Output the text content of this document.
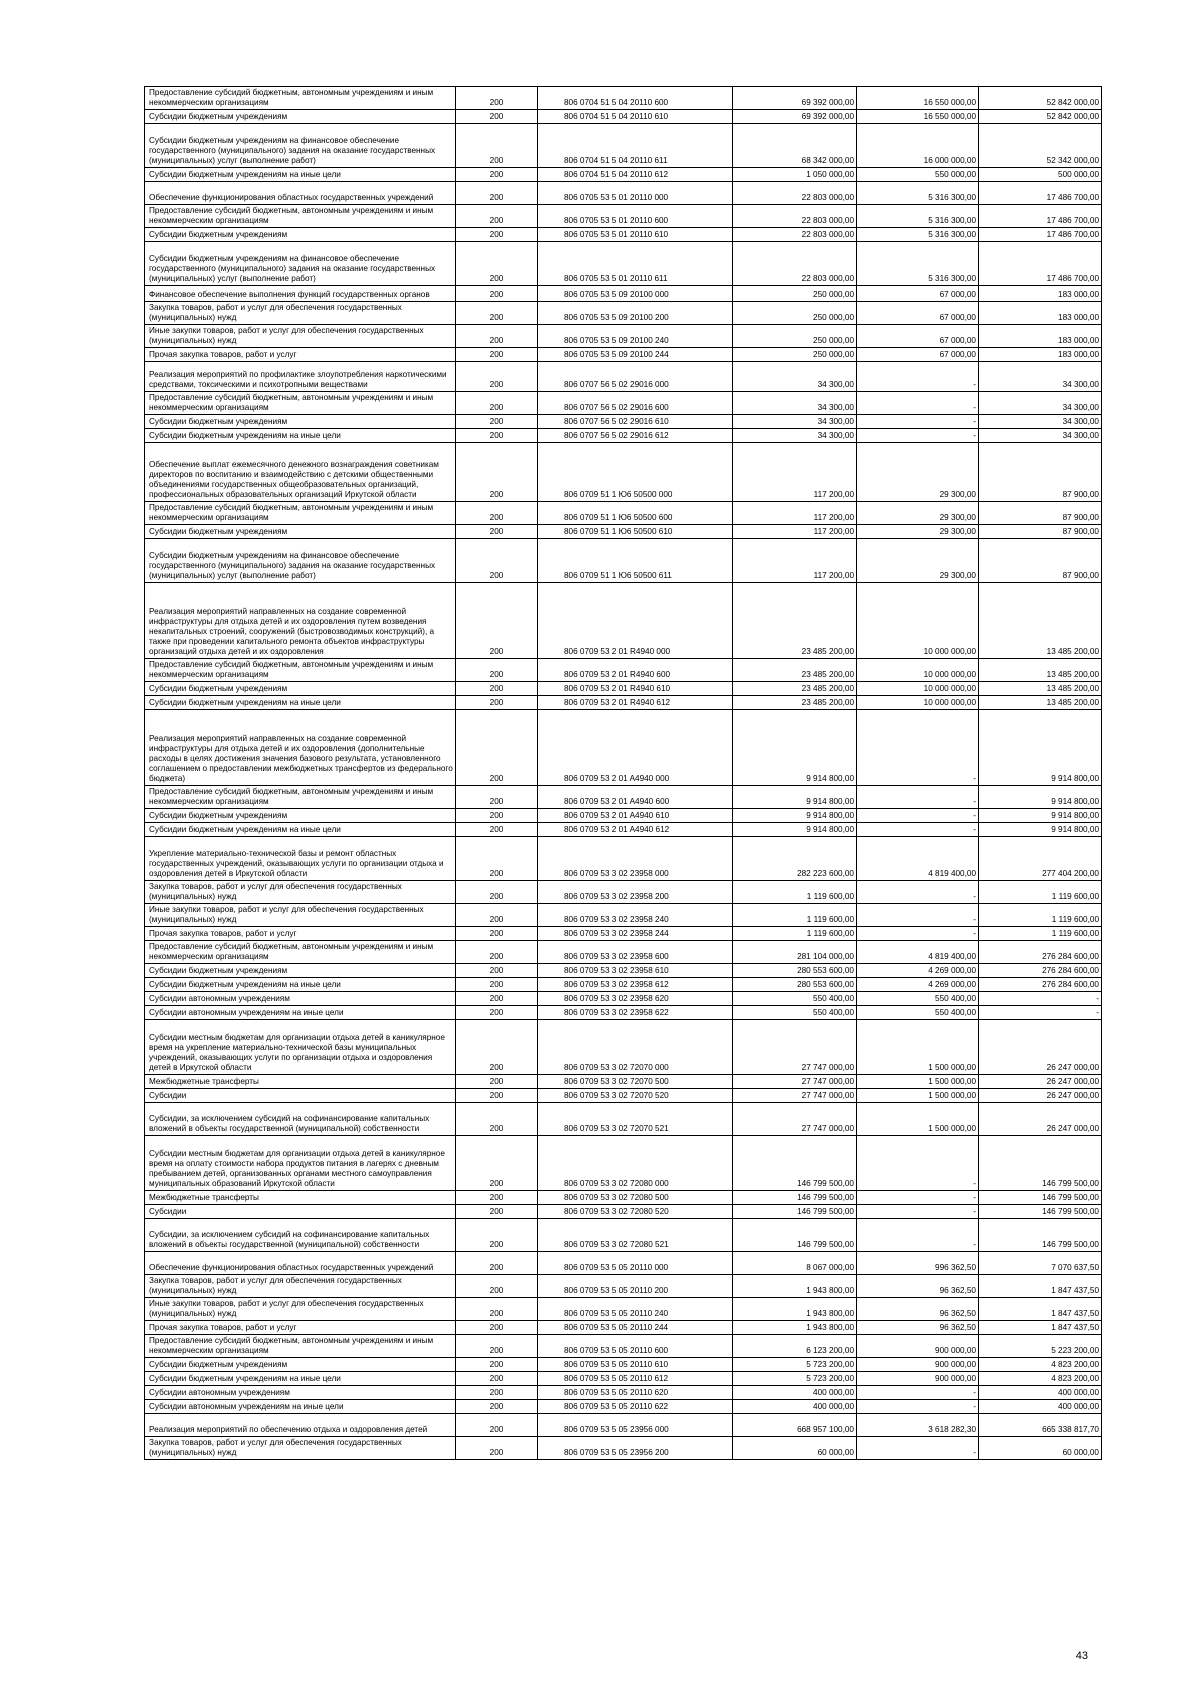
Предоставление субсидий бюджетным, автономным учреждениям и иным некоммерческим организациям	200	806 0704 51 5 04 20110 600	69 392 000,00	16 550 000,00	52 842 000,00
Субсидии бюджетным учреждениям	200	806 0704 51 5 04 20110 610	69 392 000,00	16 550 000,00	52 842 000,00
Субсидии бюджетным учреждениям на финансовое обеспечение государственного (муниципального) задания на оказание государственных (муниципальных) услуг (выполнение работ)	200	806 0704 51 5 04 20110 611	68 342 000,00	16 000 000,00	52 342 000,00
Субсидии бюджетным учреждениям на иные цели	200	806 0704 51 5 04 20110 612	1 050 000,00	550 000,00	500 000,00
Обеспечение функционирования областных государственных учреждений	200	806 0705 53 5 01 20110 000	22 803 000,00	5 316 300,00	17 486 700,00
Предоставление субсидий бюджетным, автономным учреждениям и иным некоммерческим организациям	200	806 0705 53 5 01 20110 600	22 803 000,00	5 316 300,00	17 486 700,00
Субсидии бюджетным учреждениям	200	806 0705 53 5 01 20110 610	22 803 000,00	5 316 300,00	17 486 700,00
Субсидии бюджетным учреждениям на финансовое обеспечение государственного (муниципального) задания на оказание государственных (муниципальных) услуг (выполнение работ)	200	806 0705 53 5 01 20110 611	22 803 000,00	5 316 300,00	17 486 700,00
Финансовое обеспечение выполнения функций государственных органов	200	806 0705 53 5 09 20100 000	250 000,00	67 000,00	183 000,00
Закупка товаров, работ и услуг для обеспечения государственных (муниципальных) нужд	200	806 0705 53 5 09 20100 200	250 000,00	67 000,00	183 000,00
Иные закупки товаров, работ и услуг для обеспечения государственных (муниципальных) нужд	200	806 0705 53 5 09 20100 240	250 000,00	67 000,00	183 000,00
Прочая закупка товаров, работ и услуг	200	806 0705 53 5 09 20100 244	250 000,00	67 000,00	183 000,00
Реализация мероприятий по профилактике злоупотребления наркотическими средствами, токсическими и психотропными веществами	200	806 0707 56 5 02 29016 000	34 300,00	-	34 300,00
Предоставление субсидий бюджетным, автономным учреждениям и иным некоммерческим организациям	200	806 0707 56 5 02 29016 600	34 300,00	-	34 300,00
Субсидии бюджетным учреждениям	200	806 0707 56 5 02 29016 610	34 300,00	-	34 300,00
Субсидии бюджетным учреждениям на иные цели	200	806 0707 56 5 02 29016 612	34 300,00	-	34 300,00
Обеспечение выплат ежемесячного денежного вознаграждения советникам директоров по воспитанию и взаимодействию с детскими общественными объединениями государственных общеобразовательных организаций, профессиональных образовательных организаций Иркутской области	200	806 0709 51 1 Ю6 50500 000	117 200,00	29 300,00	87 900,00
Предоставление субсидий бюджетным, автономным учреждениям и иным некоммерческим организациям	200	806 0709 51 1 Ю6 50500 600	117 200,00	29 300,00	87 900,00
Субсидии бюджетным учреждениям	200	806 0709 51 1 Ю6 50500 610	117 200,00	29 300,00	87 900,00
Субсидии бюджетным учреждениям на финансовое обеспечение государственного (муниципального) задания на оказание государственных (муниципальных) услуг (выполнение работ)	200	806 0709 51 1 Ю6 50500 611	117 200,00	29 300,00	87 900,00
Реализация мероприятий направленных на создание современной инфраструктуры для отдыха детей и их оздоровления путем возведения некапитальных строений, сооружений (быстровозводимых конструкций), а также при проведении капитального ремонта объектов инфраструктуры организаций отдыха детей и их оздоровления	200	806 0709 53 2 01 R4940 000	23 485 200,00	10 000 000,00	13 485 200,00
Предоставление субсидий бюджетным, автономным учреждениям и иным некоммерческим организациям	200	806 0709 53 2 01 R4940 600	23 485 200,00	10 000 000,00	13 485 200,00
Субсидии бюджетным учреждениям	200	806 0709 53 2 01 R4940 610	23 485 200,00	10 000 000,00	13 485 200,00
Субсидии бюджетным учреждениям на иные цели	200	806 0709 53 2 01 R4940 612	23 485 200,00	10 000 000,00	13 485 200,00
Реализация мероприятий направленных на создание современной инфраструктуры для отдыха детей и их оздоровления (дополнительные расходы в целях достижения значения базового результата, установленного соглашением о предоставлении межбюджетных трансфертов из федерального бюджета)	200	806 0709 53 2 01 A4940 000	9 914 800,00	-	9 914 800,00
Предоставление субсидий бюджетным, автономным учреждениям и иным некоммерческим организациям	200	806 0709 53 2 01 A4940 600	9 914 800,00	-	9 914 800,00
Субсидии бюджетным учреждениям	200	806 0709 53 2 01 A4940 610	9 914 800,00	-	9 914 800,00
Субсидии бюджетным учреждениям на иные цели	200	806 0709 53 2 01 A4940 612	9 914 800,00	-	9 914 800,00
Укрепление материально-технической базы и ремонт областных государственных учреждений, оказывающих услуги по организации отдыха и оздоровления детей в Иркутской области	200	806 0709 53 3 02 23958 000	282 223 600,00	4 819 400,00	277 404 200,00
Закупка товаров, работ и услуг для обеспечения государственных (муниципальных) нужд	200	806 0709 53 3 02 23958 200	1 119 600,00	-	1 119 600,00
Иные закупки товаров, работ и услуг для обеспечения государственных (муниципальных) нужд	200	806 0709 53 3 02 23958 240	1 119 600,00	-	1 119 600,00
Прочая закупка товаров, работ и услуг	200	806 0709 53 3 02 23958 244	1 119 600,00	-	1 119 600,00
Предоставление субсидий бюджетным, автономным учреждениям и иным некоммерческим организациям	200	806 0709 53 3 02 23958 600	281 104 000,00	4 819 400,00	276 284 600,00
Субсидии бюджетным учреждениям	200	806 0709 53 3 02 23958 610	280 553 600,00	4 269 000,00	276 284 600,00
Субсидии бюджетным учреждениям на иные цели	200	806 0709 53 3 02 23958 612	280 553 600,00	4 269 000,00	276 284 600,00
Субсидии автономным учреждениям	200	806 0709 53 3 02 23958 620	550 400,00	550 400,00	-
Субсидии автономным учреждениям на иные цели	200	806 0709 53 3 02 23958 622	550 400,00	550 400,00	-
Субсидии местным бюджетам для организации отдыха детей в каникулярное время на укрепление материально-технической базы муниципальных учреждений, оказывающих услуги по организации отдыха и оздоровления детей в Иркутской области	200	806 0709 53 3 02 72070 000	27 747 000,00	1 500 000,00	26 247 000,00
Межбюджетные трансферты	200	806 0709 53 3 02 72070 500	27 747 000,00	1 500 000,00	26 247 000,00
Субсидии	200	806 0709 53 3 02 72070 520	27 747 000,00	1 500 000,00	26 247 000,00
Субсидии, за исключением субсидий на софинансирование капитальных вложений в объекты государственной (муниципальной) собственности	200	806 0709 53 3 02 72070 521	27 747 000,00	1 500 000,00	26 247 000,00
Субсидии местным бюджетам для организации отдыха детей в каникулярное время на оплату стоимости набора продуктов питания в лагерях с дневным пребыванием детей, организованных органами местного самоуправления муниципальных образований Иркутской области	200	806 0709 53 3 02 72080 000	146 799 500,00	-	146 799 500,00
Межбюджетные трансферты	200	806 0709 53 3 02 72080 500	146 799 500,00	-	146 799 500,00
Субсидии	200	806 0709 53 3 02 72080 520	146 799 500,00	-	146 799 500,00
Субсидии, за исключением субсидий на софинансирование капитальных вложений в объекты государственной (муниципальной) собственности	200	806 0709 53 3 02 72080 521	146 799 500,00	-	146 799 500,00
Обеспечение функционирования областных государственных учреждений	200	806 0709 53 5 05 20110 000	8 067 000,00	996 362,50	7 070 637,50
Закупка товаров, работ и услуг для обеспечения государственных (муниципальных) нужд	200	806 0709 53 5 05 20110 200	1 943 800,00	96 362,50	1 847 437,50
Иные закупки товаров, работ и услуг для обеспечения государственных (муниципальных) нужд	200	806 0709 53 5 05 20110 240	1 943 800,00	96 362,50	1 847 437,50
Прочая закупка товаров, работ и услуг	200	806 0709 53 5 05 20110 244	1 943 800,00	96 362,50	1 847 437,50
Предоставление субсидий бюджетным, автономным учреждениям и иным некоммерческим организациям	200	806 0709 53 5 05 20110 600	6 123 200,00	900 000,00	5 223 200,00
Субсидии бюджетным учреждениям	200	806 0709 53 5 05 20110 610	5 723 200,00	900 000,00	4 823 200,00
Субсидии бюджетным учреждениям на иные цели	200	806 0709 53 5 05 20110 612	5 723 200,00	900 000,00	4 823 200,00
Субсидии автономным учреждениям	200	806 0709 53 5 05 20110 620	400 000,00	-	400 000,00
Субсидии автономным учреждениям на иные цели	200	806 0709 53 5 05 20110 622	400 000,00	-	400 000,00
Реализация мероприятий по обеспечению отдыха и оздоровления детей	200	806 0709 53 5 05 23956 000	668 957 100,00	3 618 282,30	665 338 817,70
Закупка товаров, работ и услуг для обеспечения государственных (муниципальных) нужд	200	806 0709 53 5 05 23956 200	60 000,00	-	60 000,00
43
